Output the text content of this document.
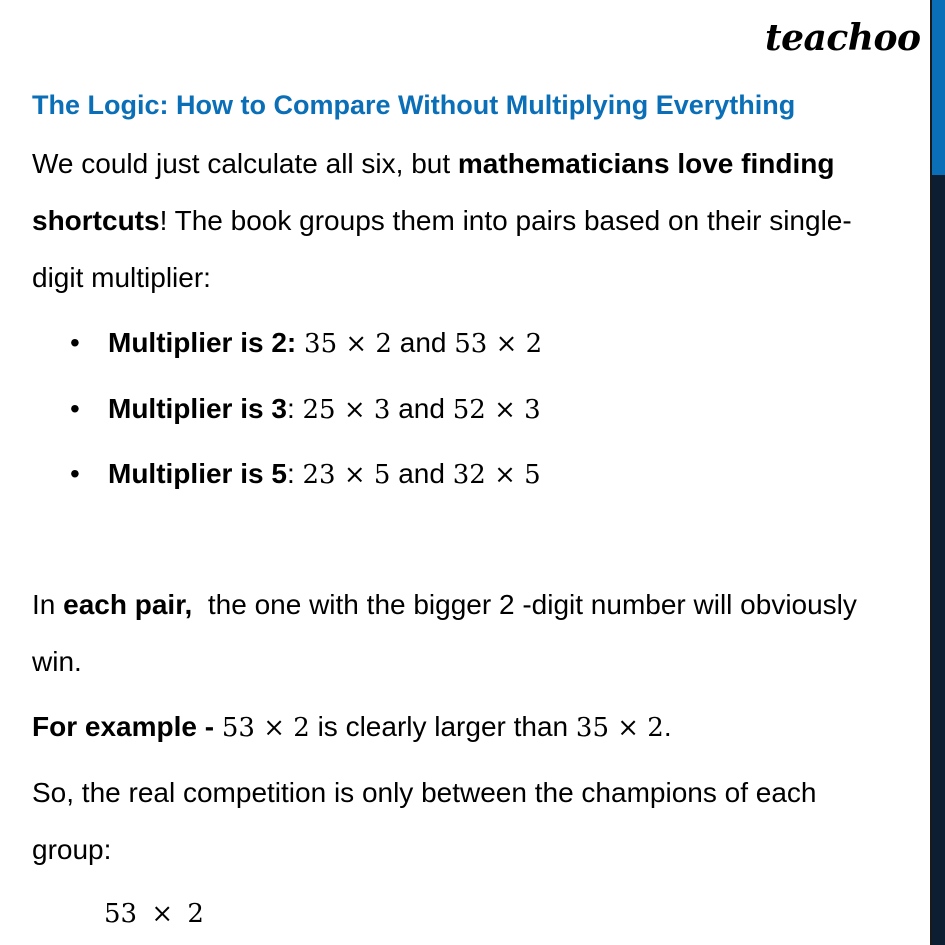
teachoo
The Logic: How to Compare Without Multiplying Everything
We could just calculate all six, but mathematicians love finding
shortcuts! The book groups them into pairs based on their single-
digit multiplier:
• Multiplier is 2: 35 × 2 and 53 × 2
• Multiplier is 3: 25 × 3 and 52 × 3
• Multiplier is 5: 23 × 5 and 32 × 5
In each pair,  the one with the bigger 2 -digit number will obviously
win.
For example - 53 × 2 is clearly larger than 35 × 2.
So, the real competition is only between the champions of each
group:
53 × 2
